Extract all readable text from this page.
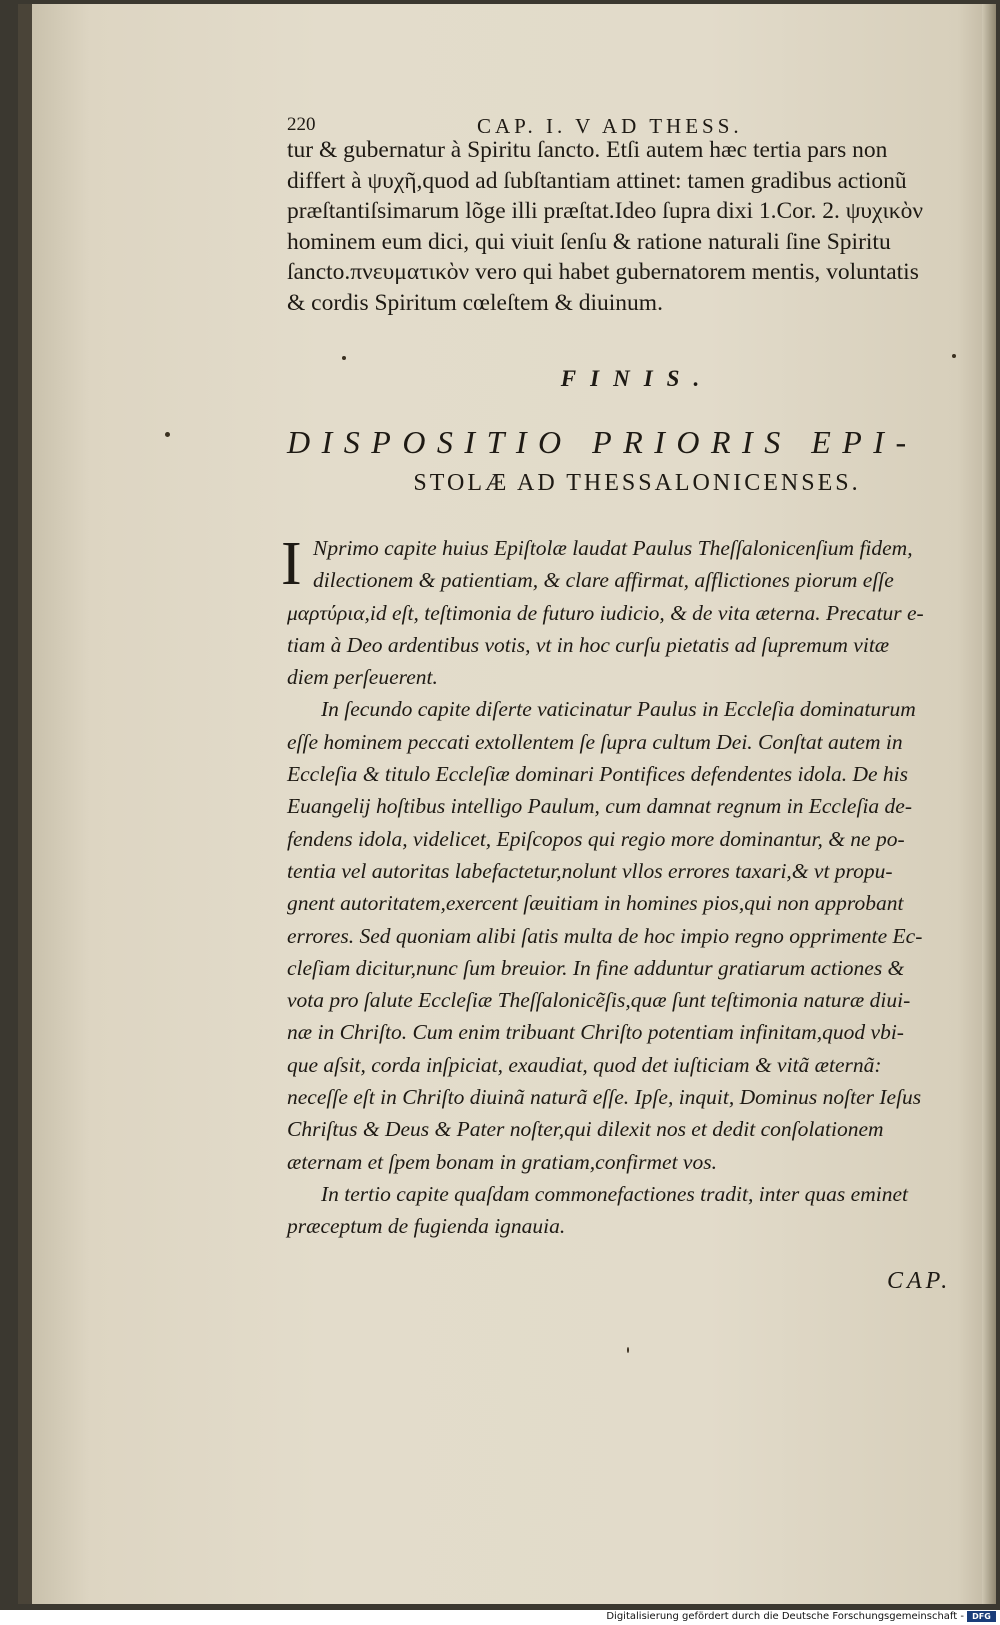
220	CAP. I. V AD THESS.
tur & gubernatur à Spiritu ſancto. Etſi autem hæc tertia pars non
differt à ψυχῆ,quod ad ſubſtantiam attinet: tamen gradibus actionũ
præſtantiſsimarum lõge illi præſtat.Ideo ſupra dixi 1.Cor. 2. ψυχικὸν
hominem eum dici, qui viuit ſenſu & ratione naturali ſine Spiritu
ſancto.πνευματικὸν vero qui habet gubernatorem mentis, voluntatis
& cordis Spiritum cœleſtem & diuinum.
FINIS.
DISPOSITIO PRIORIS EPI-
STOLÆ AD THESSALONICENSES.
I Nprimo capite huius Epiſtolæ laudat Paulus Theſſalonicenſium fidem,
dilectionem & patientiam, & clare affirmat, aſflictiones piorum eſſe
μαρτύρια,id eſt, teſtimonia de futuro iudicio, & de vita æterna. Precatur e-
tiam à Deo ardentibus votis, vt in hoc curſu pietatis ad ſupremum vitæ
diem perſeuerent.
In ſecundo capite diſerte vaticinatur Paulus in Eccleſia dominaturum
eſſe hominem peccati extollentem ſe ſupra cultum Dei. Conſtat autem in
Eccleſia & titulo Eccleſiæ dominari Pontifices defendentes idola. De his
Euangelij hoſtibus intelligo Paulum, cum damnat regnum in Eccleſia de-
fendens idola, videlicet, Epiſcopos qui regio more dominantur, & ne po-
tentia vel autoritas labefactetur,nolunt vllos errores taxari,& vt propu-
gnent autoritatem,exercent ſæuitiam in homines pios,qui non approbant
errores. Sed quoniam alibi ſatis multa de hoc impio regno opprimente Ec-
cleſiam dicitur,nunc ſum breuior. In fine adduntur gratiarum actiones &
vota pro ſalute Eccleſiæ Theſſalonicẽſis,quæ ſunt teſtimonia naturæ diui-
næ in Chriſto. Cum enim tribuant Chriſto potentiam infinitam,quod vbi-
que aſsit, corda inſpiciat, exaudiat, quod det iuſticiam & vitã æternã:
neceſſe eſt in Chriſto diuinã naturã eſſe. Ipſe, inquit, Dominus noſter Ieſus
Chriſtus & Deus & Pater noſter,qui dilexit nos et dedit conſolationem
æternam et ſpem bonam in gratiam,confirmet vos.
In tertio capite quaſdam commonefactiones tradit, inter quas eminet
præceptum de fugienda ignauia.
CAP.
Digitalisierung gefördert durch die Deutsche Forschungsgemeinschaft -	DFG
